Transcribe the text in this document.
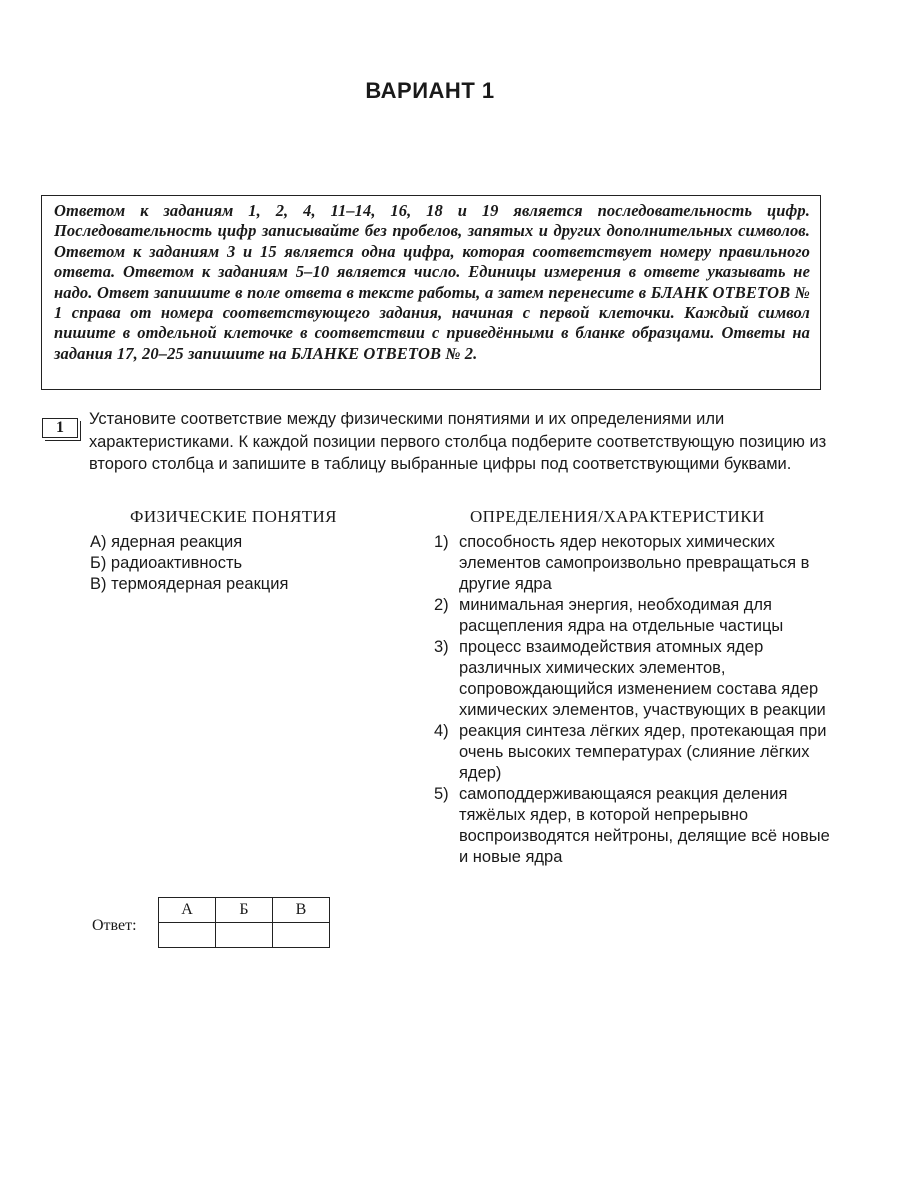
ВАРИАНТ 1

Ответом к заданиям 1, 2, 4, 11–14, 16, 18 и 19 является последовательность цифр. Последовательность цифр записывайте без пробелов, запятых и других дополнительных символов. Ответом к заданиям 3 и 15 является одна цифра, которая соответствует номеру правильного ответа. Ответом к заданиям 5–10 является число. Единицы измерения в ответе указывать не надо. Ответ запишите в поле ответа в тексте работы, а затем перенесите в БЛАНК ОТВЕТОВ № 1 справа от номера соответствующего задания, начиная с первой клеточки. Каждый символ пишите в отдельной клеточке в соответствии с приведёнными в бланке образцами. Ответы на задания 17, 20–25 запишите на БЛАНКЕ ОТВЕТОВ № 2.

1	Установите соответствие между физическими понятиями и их определениями или характеристиками. К каждой позиции первого столбца подберите соответствующую позицию из второго столбца и запишите в таблицу выбранные цифры под соответствующими буквами.

ФИЗИЧЕСКИЕ ПОНЯТИЯ

А) ядерная реакция

Б) радиоактивность

В) термоядерная реакция

ОПРЕДЕЛЕНИЯ/ХАРАКТЕРИСТИКИ

1) способность ядер некоторых химических элементов самопроизвольно превращаться в другие ядра
2) минимальная энергия, необходимая для расщепления ядра на отдельные частицы
3) процесс взаимодействия атомных ядер различных химических элементов, сопровождающийся изменением состава ядер химических элементов, участвующих в реакции
4) реакция синтеза лёгких ядер, протекающая при очень высоких температурах (слияние лёгких ядер)
5) самоподдерживающаяся реакция деления тяжёлых ядер, в которой непрерывно воспроизводятся нейтроны, делящие всё новые и новые ядра
Ответ:
А	Б	В
